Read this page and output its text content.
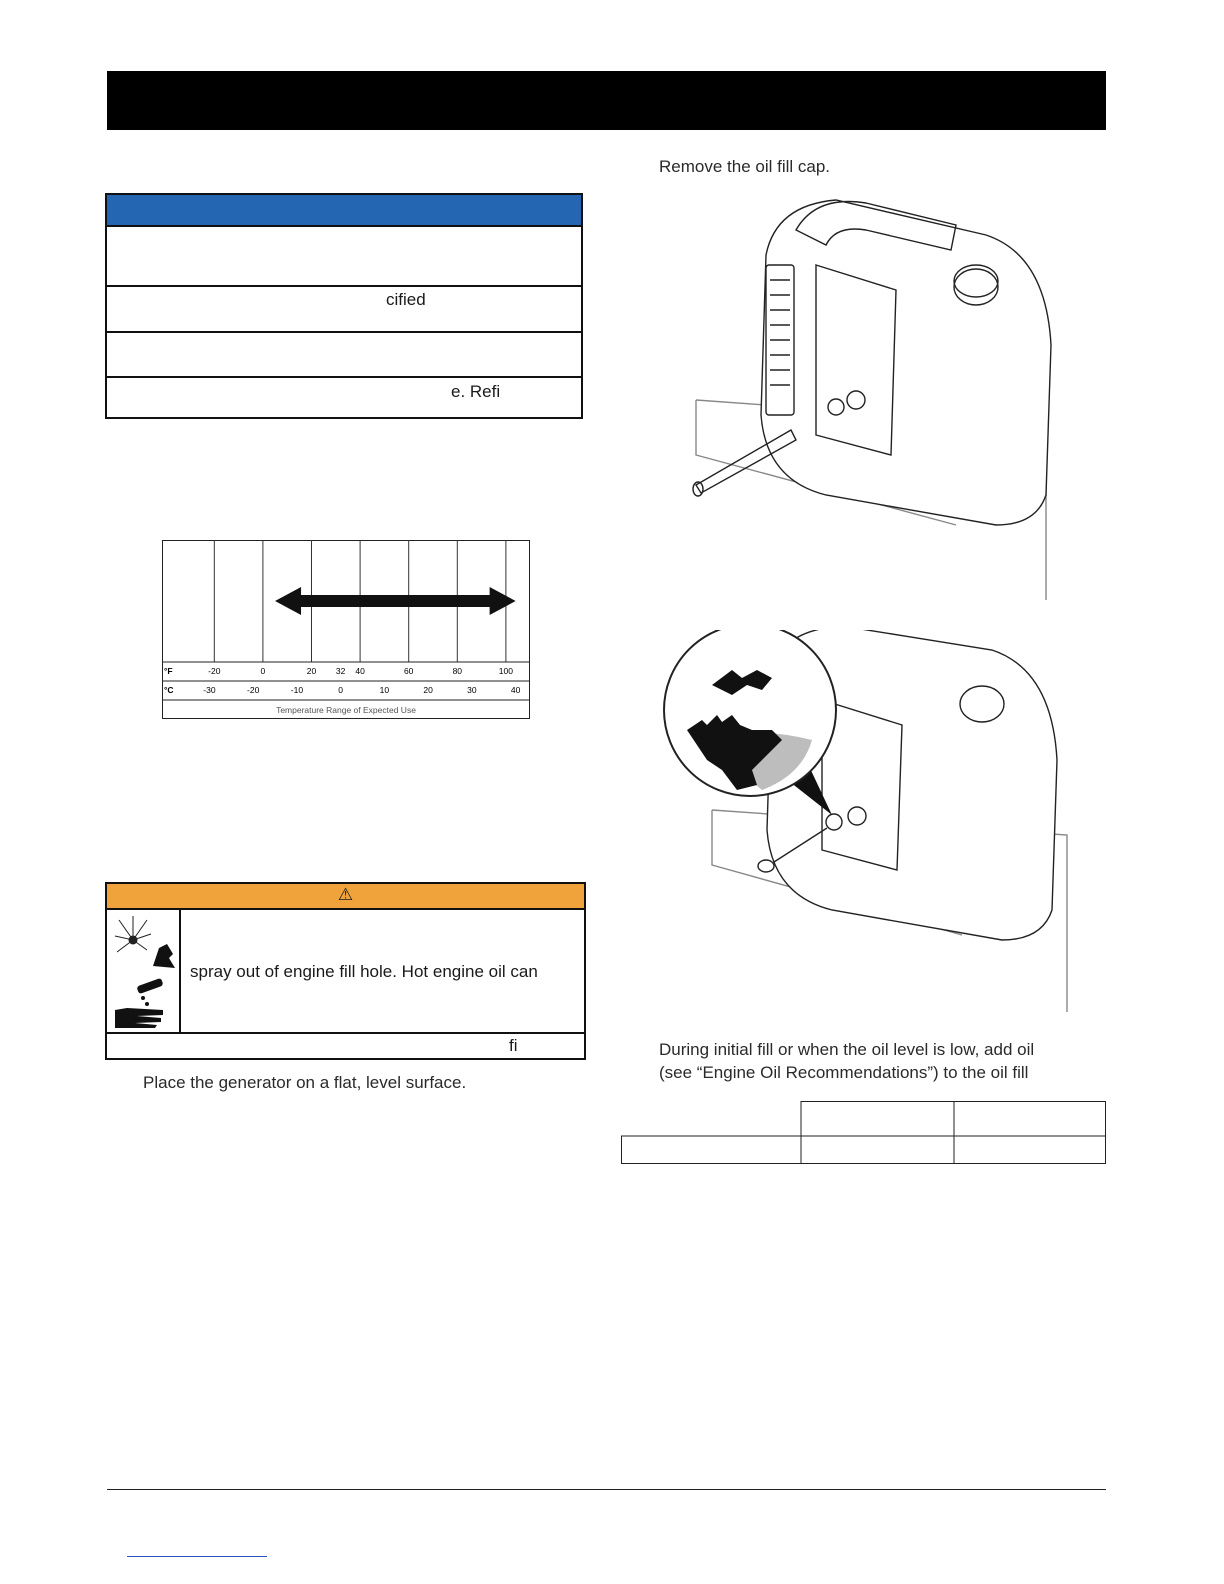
cified
e. Refi
°F
°C
-20	0	20 32 40	60	80	100
-30	-20	-10	0	10	20	30	40
Temperature Range of Expected Use
⚠
spray out of engine fill hole. Hot engine oil can
fi
Place the generator on a flat, level surface.
Remove the oil fill cap.
During initial fill or when the oil level is low, add oil
(see “Engine Oil Recommendations”) to the oil fill
